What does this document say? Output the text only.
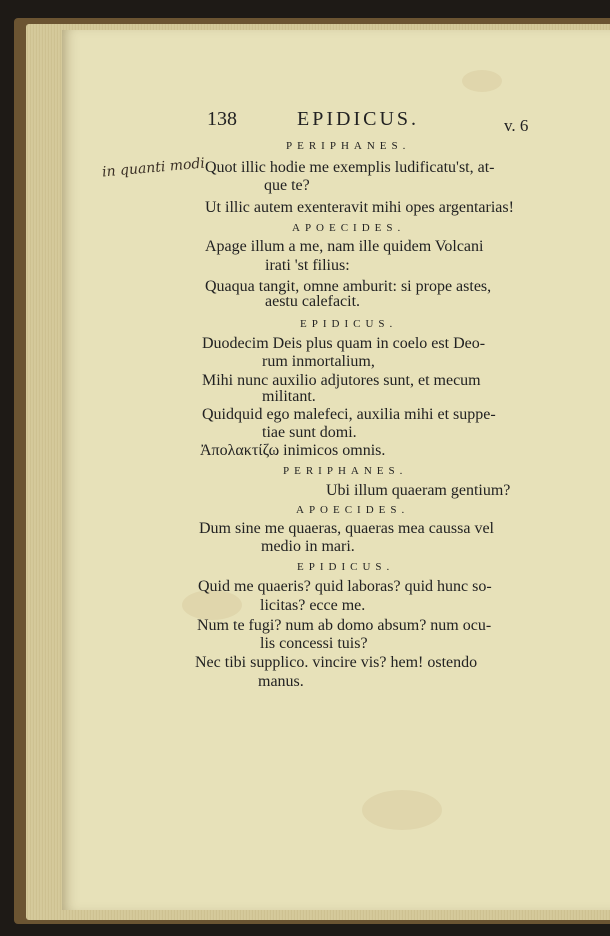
138	EPIDICUS.	v. 6
in quanti modi
PERIPHANES.
Quot illic hodie me exemplis ludificatu'st, at-
que te?
Ut illic autem exenteravit mihi opes argentarias!
APOECIDES.
Apage illum a me, nam ille quidem Volcani
irati 'st filius:
Quaqua tangit, omne amburit: si prope astes,
aestu calefacit.
EPIDICUS.
Duodecim Deis plus quam in coelo est Deo-
rum inmortalium,
Mihi nunc auxilio adjutores sunt, et mecum
militant.
Quidquid ego malefeci, auxilia mihi et suppe-
tiae sunt domi.
Ἀπολακτίζω inimicos omnis.
PERIPHANES.
Ubi illum quaeram gentium?
APOECIDES.
Dum sine me quaeras, quaeras mea caussa vel
medio in mari.
EPIDICUS.
Quid me quaeris? quid laboras? quid hunc so-
licitas? ecce me.
Num te fugi? num ab domo absum? num ocu-
lis concessi tuis?
Nec tibi supplico. vincire vis? hem! ostendo
manus.
